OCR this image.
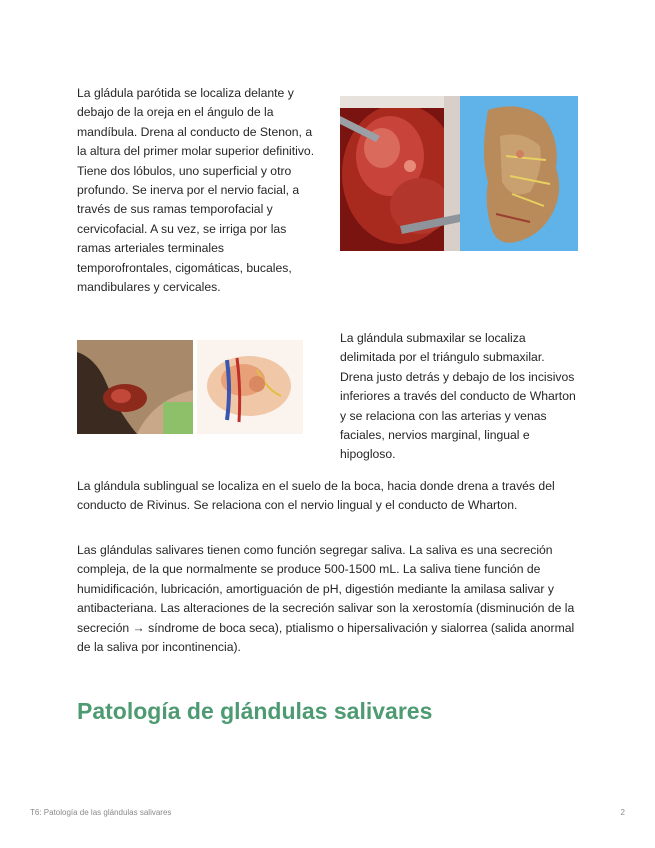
La gládula parótida se localiza delante y debajo de la oreja en el ángulo de la mandíbula. Drena al conducto de Stenon, a la altura del primer molar superior definitivo. Tiene dos lóbulos, uno superficial y otro profundo. Se inerva por el nervio facial, a través de sus ramas temporofacial y cervicofacial. A su vez, se irriga por las ramas arteriales terminales temporofrontales, cigomáticas, bucales, mandibulares y cervicales.

La glándula submaxilar se localiza delimitada por el triángulo submaxilar. Drena justo detrás y debajo de los incisivos inferiores a través del conducto de Wharton y se relaciona con las arterias y venas faciales, nervios marginal, lingual e hipogloso.

La glándula sublingual se localiza en el suelo de la boca, hacia donde drena a través del conducto de Rivinus. Se relaciona con el nervio lingual y el conducto de Wharton.

Las glándulas salivares tienen como función segregar saliva. La saliva es una secreción compleja, de la que normalmente se produce 500-1500 mL. La saliva tiene función de humidificación, lubricación, amortiguación de pH, digestión mediante la amilasa salivar y antibacteriana. Las alteraciones de la secreción salivar son la xerostomía (disminución de la secreción → síndrome de boca seca), ptialismo o hipersalivación y sialorrea (salida anormal de la saliva por incontinencia).

Patología de glándulas salivares
T6: Patología de las glándulas salivares	2
